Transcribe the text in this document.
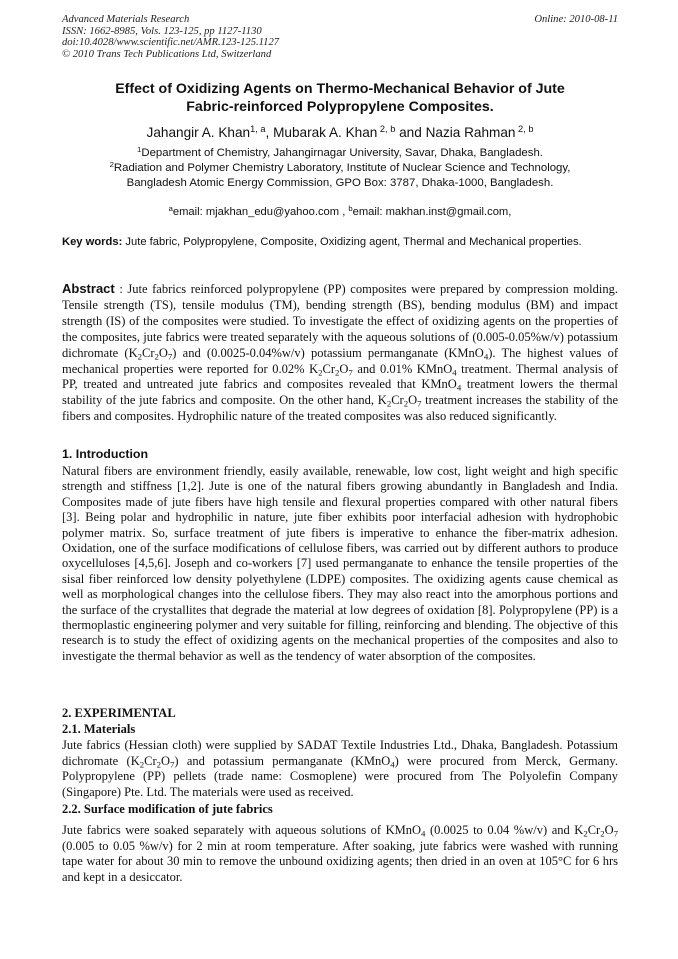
Advanced Materials Research
ISSN: 1662-8985, Vols. 123-125, pp 1127-1130
doi:10.4028/www.scientific.net/AMR.123-125.1127
© 2010 Trans Tech Publications Ltd, Switzerland
Online: 2010-08-11
Effect of Oxidizing Agents on Thermo-Mechanical Behavior of Jute
Fabric-reinforced Polypropylene Composites.
Jahangir A. Khan$^{1, a}$, Mubarak A. Khan $^{2, b}$ and Nazia Rahman $^{2, b}$
$^1$Department of Chemistry, Jahangirnagar University, Savar, Dhaka, Bangladesh.
$^2$Radiation and Polymer Chemistry Laboratory, Institute of Nuclear Science and Technology,
Bangladesh Atomic Energy Commission, GPO Box: 3787, Dhaka-1000, Bangladesh.
$^a$email: mjakhan_edu@yahoo.com , $^b$email: makhan.inst@gmail.com,
Key words: Jute fabric, Polypropylene, Composite, Oxidizing agent, Thermal and Mechanical properties.
Abstract : Jute fabrics reinforced polypropylene (PP) composites were prepared by compression molding. Tensile strength (TS), tensile modulus (TM), bending strength (BS), bending modulus (BM) and impact strength (IS) of the composites were studied. To investigate the effect of oxidizing agents on the properties of the composites, jute fabrics were treated separately with the aqueous solutions of (0.005-0.05%w/v) potassium dichromate $(K_2Cr_2O_7)$ and (0.0025-0.04%w/v) potassium permanganate (KMnO$_4$). The highest values of mechanical properties were reported for 0.02% $K_2Cr_2O_7$ and 0.01% KMnO$_4$ treatment. Thermal analysis of PP, treated and untreated jute fabrics and composites revealed that KMnO$_4$ treatment lowers the thermal stability of the jute fabrics and composite. On the other hand, $K_2Cr_2O_7$ treatment increases the stability of the fibers and composites. Hydrophilic nature of the treated composites was also reduced significantly.
1. Introduction
Natural fibers are environment friendly, easily available, renewable, low cost, light weight and high specific strength and stiffness [1,2]. Jute is one of the natural fibers growing abundantly in Bangladesh and India. Composites made of jute fibers have high tensile and flexural properties compared with other natural fibers [3]. Being polar and hydrophilic in nature, jute fiber exhibits poor interfacial adhesion with hydrophobic polymer matrix. So, surface treatment of jute fibers is imperative to enhance the fiber-matrix adhesion. Oxidation, one of the surface modifications of cellulose fibers, was carried out by different authors to produce oxycelluloses [4,5,6]. Joseph and co-workers [7] used permanganate to enhance the tensile properties of the sisal fiber reinforced low density polyethylene (LDPE) composites. The oxidizing agents cause chemical as well as morphological changes into the cellulose fibers. They may also react into the amorphous portions and the surface of the crystallites that degrade the material at low degrees of oxidation [8]. Polypropylene (PP) is a thermoplastic engineering polymer and very suitable for filling, reinforcing and blending. The objective of this research is to study the effect of oxidizing agents on the mechanical properties of the composites and also to investigate the thermal behavior as well as the tendency of water absorption of the composites.
2. EXPERIMENTAL
2.1. Materials
Jute fabrics (Hessian cloth) were supplied by SADAT Textile Industries Ltd., Dhaka, Bangladesh. Potassium dichromate $(K_2Cr_2O_7)$ and potassium permanganate (KMnO$_4$) were procured from Merck, Germany. Polypropylene (PP) pellets (trade name: Cosmoplene) were procured from The Polyolefin Company (Singapore) Pte. Ltd. The materials were used as received.
2.2. Surface modification of jute fabrics
Jute fabrics were soaked separately with aqueous solutions of KMnO$_4$ (0.0025 to 0.04 %w/v) and $K_2Cr_2O_7$ (0.005 to 0.05 %w/v) for 2 min at room temperature. After soaking, jute fabrics were washed with running tape water for about 30 min to remove the unbound oxidizing agents; then dried in an oven at 105°C for 6 hrs and kept in a desiccator.
